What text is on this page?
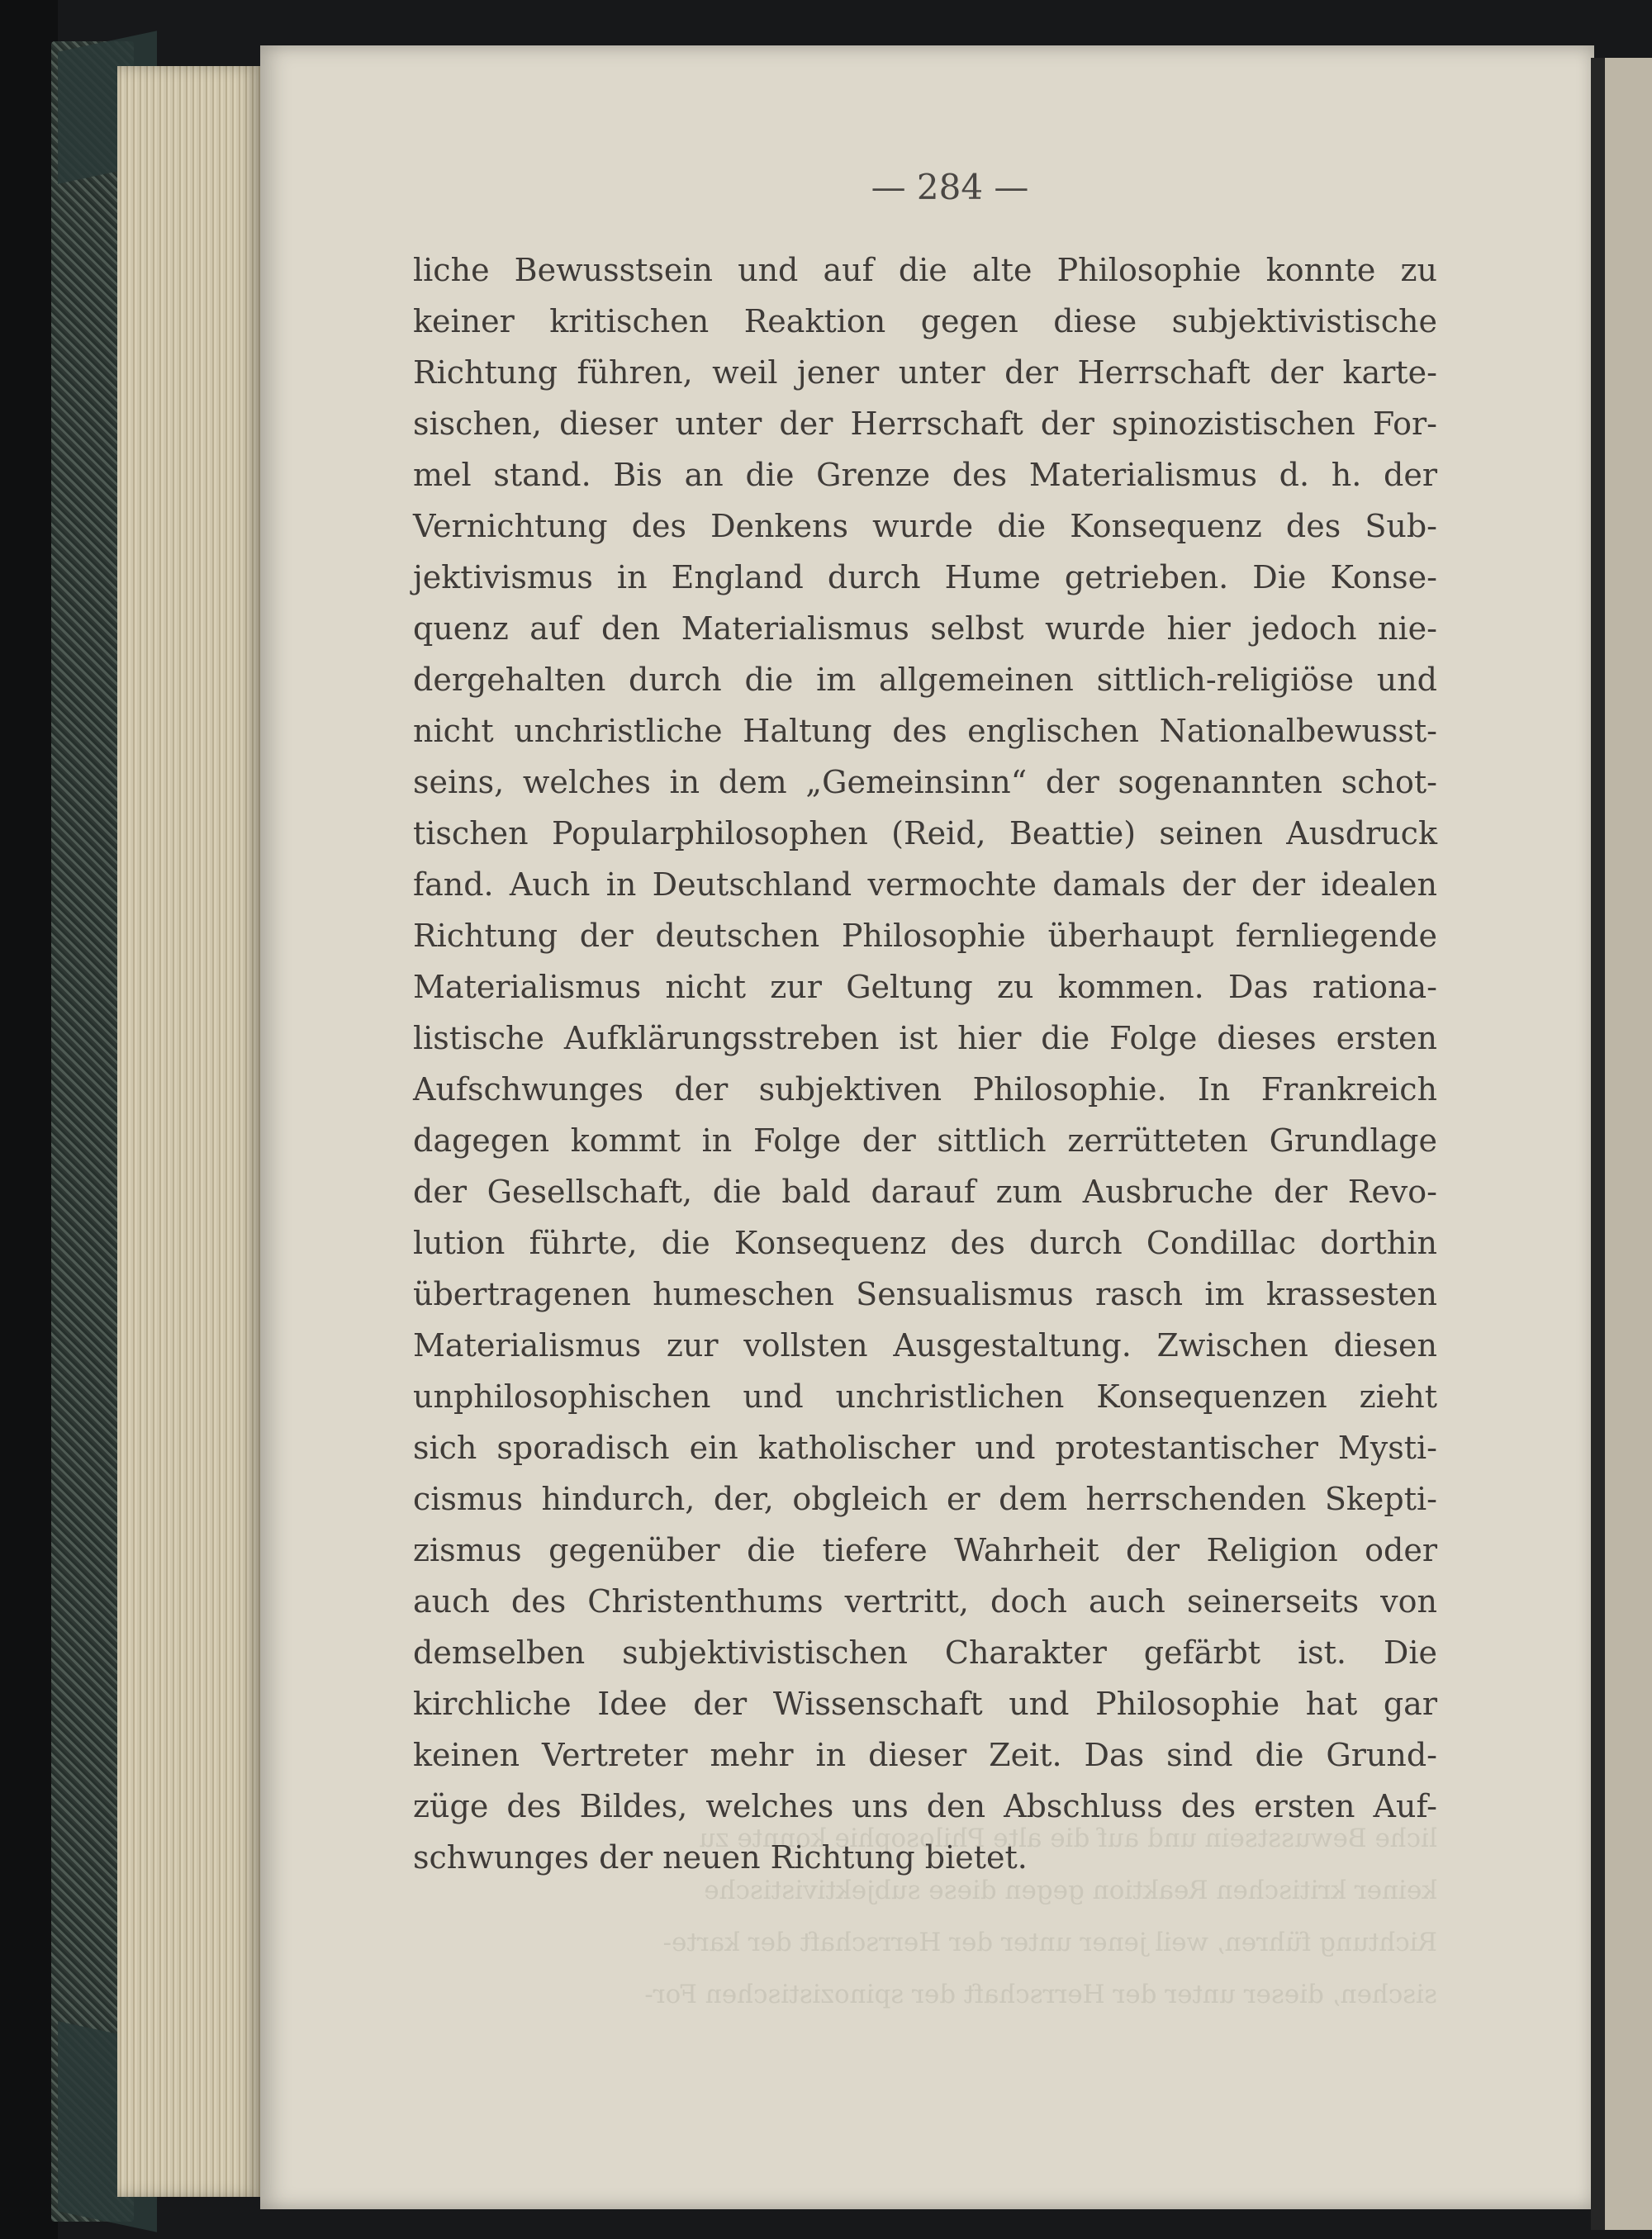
— 284 —
liche Bewusstsein und auf die alte Philosophie konnte zu
keiner kritischen Reaktion gegen diese subjektivistische
Richtung führen, weil jener unter der Herrschaft der karte-
sischen, dieser unter der Herrschaft der spinozistischen For-
mel stand. Bis an die Grenze des Materialismus d. h. der
Vernichtung des Denkens wurde die Konsequenz des Sub-
jektivismus in England durch Hume getrieben. Die Konse-
quenz auf den Materialismus selbst wurde hier jedoch nie-
dergehalten durch die im allgemeinen sittlich-religiöse und
nicht unchristliche Haltung des englischen Nationalbewusst-
seins, welches in dem „Gemeinsinn“ der sogenannten schot-
tischen Popularphilosophen (Reid, Beattie) seinen Ausdruck
fand. Auch in Deutschland vermochte damals der der idealen
Richtung der deutschen Philosophie überhaupt fernliegende
Materialismus nicht zur Geltung zu kommen. Das rationa-
listische Aufklärungsstreben ist hier die Folge dieses ersten
Aufschwunges der subjektiven Philosophie. In Frankreich
dagegen kommt in Folge der sittlich zerrütteten Grundlage
der Gesellschaft, die bald darauf zum Ausbruche der Revo-
lution führte, die Konsequenz des durch Condillac dorthin
übertragenen humeschen Sensualismus rasch im krassesten
Materialismus zur vollsten Ausgestaltung. Zwischen diesen
unphilosophischen und unchristlichen Konsequenzen zieht
sich sporadisch ein katholischer und protestantischer Mysti-
cismus hindurch, der, obgleich er dem herrschenden Skepti-
zismus gegenüber die tiefere Wahrheit der Religion oder
auch des Christenthums vertritt, doch auch seinerseits von
demselben subjektivistischen Charakter gefärbt ist. Die
kirchliche Idee der Wissenschaft und Philosophie hat gar
keinen Vertreter mehr in dieser Zeit. Das sind die Grund-
züge des Bildes, welches uns den Abschluss des ersten Auf-
schwunges der neuen Richtung bietet.
liche Bewusstsein und auf die alte Philosophie konnte zu
keiner kritischen Reaktion gegen diese subjektivistische
Richtung führen, weil jener unter der Herrschaft der karte-
sischen, dieser unter der Herrschaft der spinozistischen For-
